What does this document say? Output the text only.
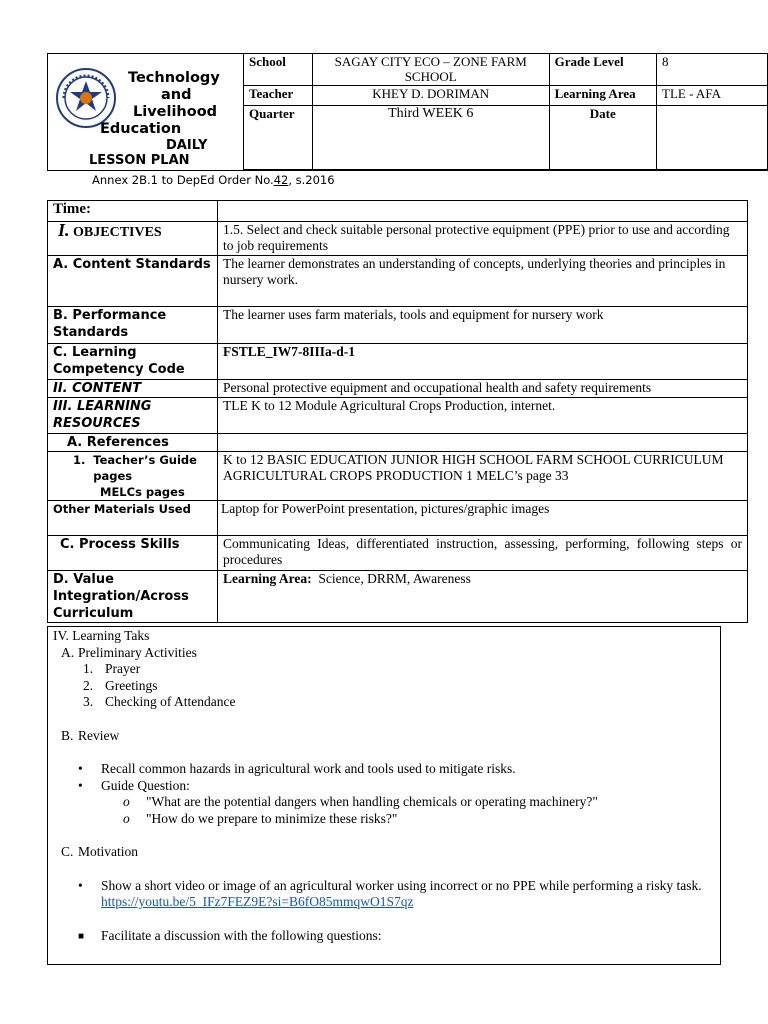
Technology
and
Livelihood
Education
DAILY
LESSON PLAN
School	SAGAY CITY ECO – ZONE FARM SCHOOL	Grade Level	8
Teacher	KHEY D. DORIMAN	Learning Area	TLE - AFA
Quarter	Third WEEK 6	Date	
Annex 2B.1 to DepEd Order No.42, s.2016
Time:	
I. OBJECTIVES	1.5. Select and check suitable personal protective equipment (PPE) prior to use and according to job requirements
A. Content Standards	The learner demonstrates an understanding of concepts, underlying theories and principles in nursery work.
B. Performance Standards	The learner uses farm materials, tools and equipment for nursery work
C. Learning Competency Code	FSTLE_IW7-8IIIa-d-1
II. CONTENT	Personal protective equipment and occupational health and safety requirements
III. LEARNING RESOURCES	TLE K to 12 Module Agricultural Crops Production, internet.
A. References	

1. Teacher’s Guide pages
MELCs pages	K to 12 BASIC EDUCATION JUNIOR HIGH SCHOOL FARM SCHOOL CURRICULUM AGRICULTURAL CROPS PRODUCTION 1 MELC’s page 33
Other Materials Used	Laptop for PowerPoint presentation, pictures/graphic images
C. Process Skills	Communicating Ideas, differentiated instruction, assessing, performing, following steps or procedures
D. Value Integration/Across Curriculum	Learning Area: Science, DRRM, Awareness

IV. Learning Taks

A. Preliminary Activities

1. Prayer

2. Greetings

3. Checking of Attendance

B. Review

• Recall common hazards in agricultural work and tools used to mitigate risks.

• Guide Question:

o "What are the potential dangers when handling chemicals or operating machinery?"

o "How do we prepare to minimize these risks?"

C. Motivation

•	Show a short video or image of an agricultural worker using incorrect or no PPE while performing a risky task. https://youtu.be/5_IFz7FEZ9E?si=B6fO85mmqwO1S7qz

■ Facilitate a discussion with the following questions:
